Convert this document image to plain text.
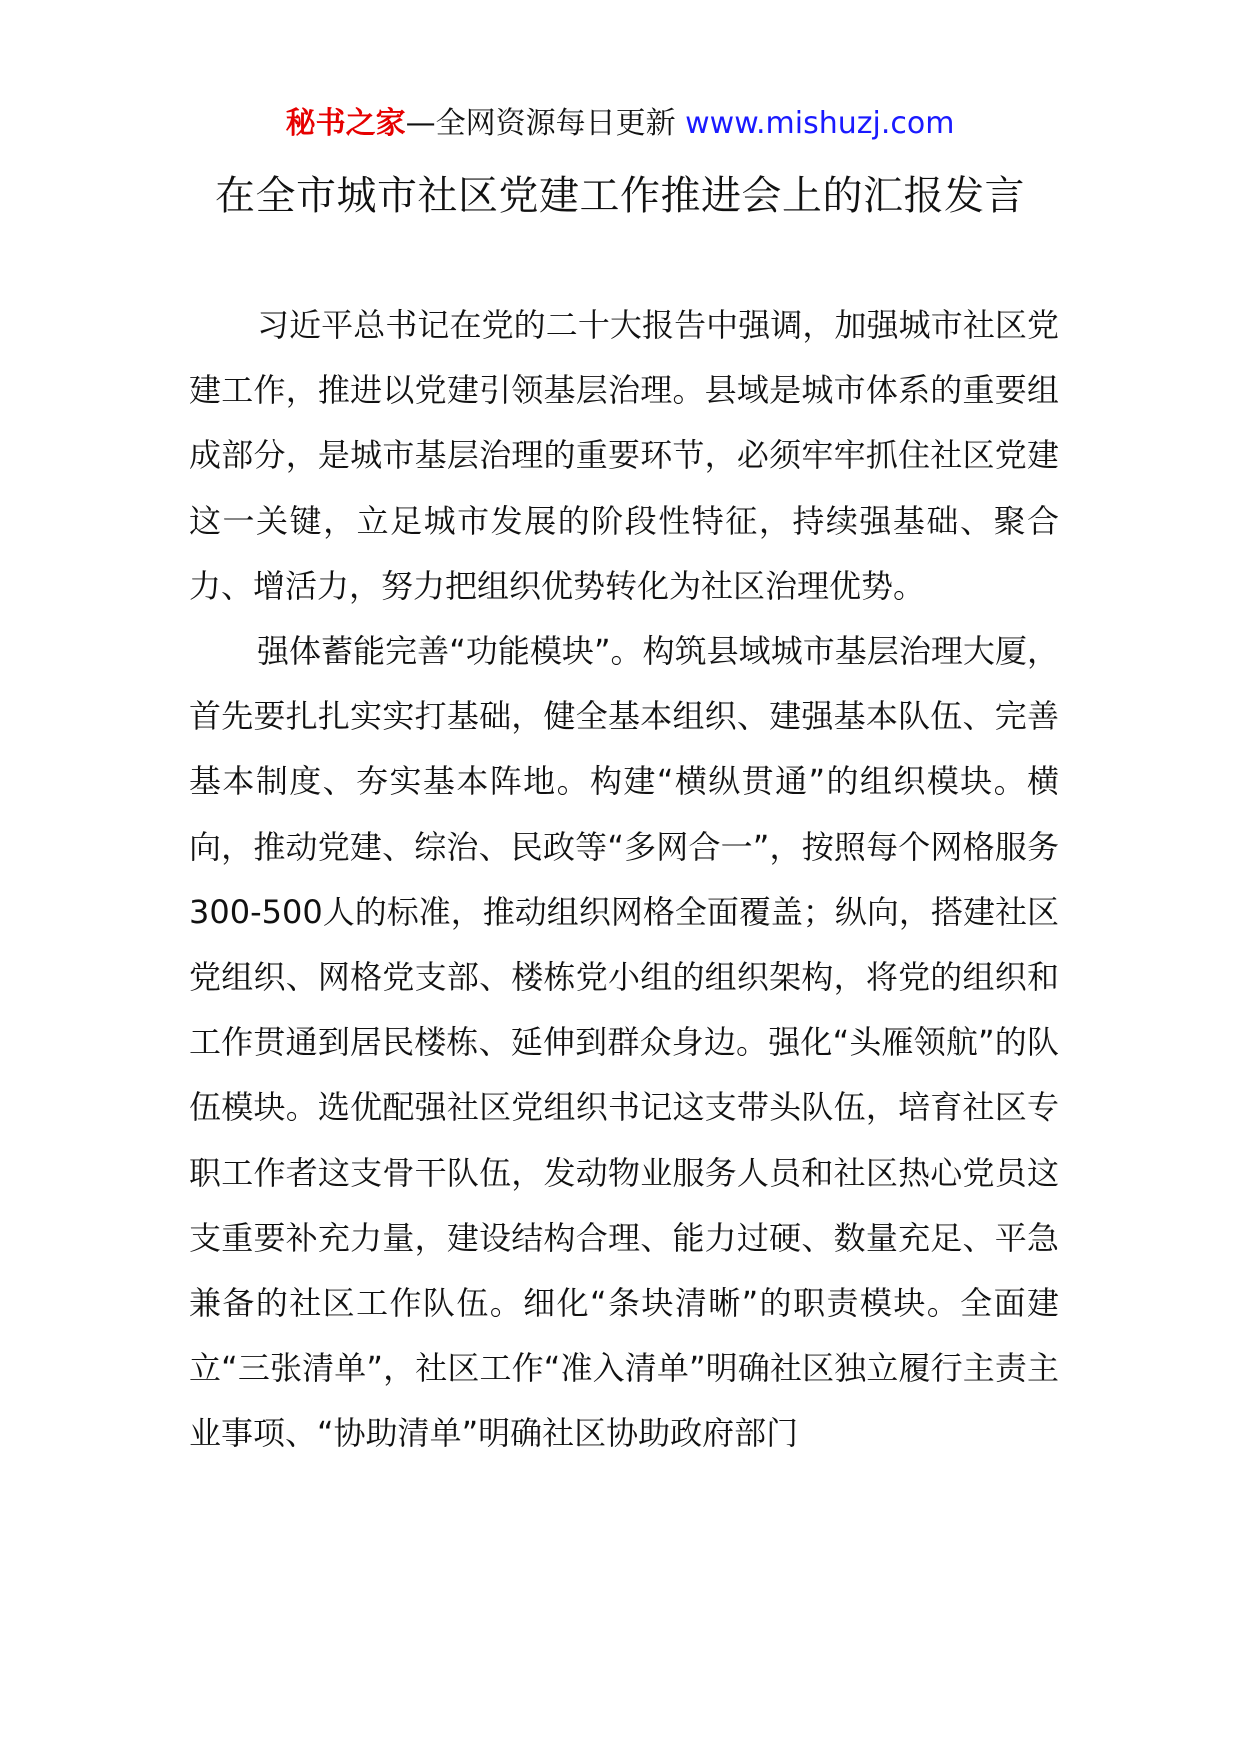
秘书之家—全网资源每日更新 www.mishuzj.com
在全市城市社区党建工作推进会上的汇报发言

习近平总书记在党的二十大报告中强调，加强城市社区党建工作，推进以党建引领基层治理。县域是城市体系的重要组成部分，是城市基层治理的重要环节，必须牢牢抓住社区党建这一关键，立足城市发展的阶段性特征，持续强基础、聚合力、增活力，努力把组织优势转化为社区治理优势。

强体蓄能完善“功能模块”。构筑县域城市基层治理大厦，首先要扎扎实实打基础，健全基本组织、建强基本队伍、完善基本制度、夯实基本阵地。构建“横纵贯通”的组织模块。横向，推动党建、综治、民政等“多网合一”，按照每个网格服务300-500人的标准，推动组织网格全面覆盖；纵向，搭建社区党组织、网格党支部、楼栋党小组的组织架构，将党的组织和工作贯通到居民楼栋、延伸到群众身边。强化“头雁领航”的队伍模块。选优配强社区党组织书记这支带头队伍，培育社区专职工作者这支骨干队伍，发动物业服务人员和社区热心党员这支重要补充力量，建设结构合理、能力过硬、数量充足、平急兼备的社区工作队伍。细化“条块清晰”的职责模块。全面建立“三张清单”，社区工作“准入清单”明确社区独立履行主责主业事项、“协助清单”明确社区协助政府部门
